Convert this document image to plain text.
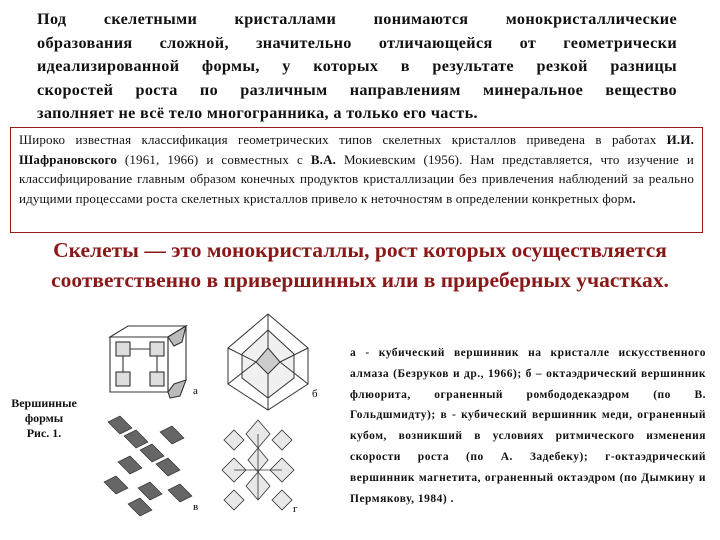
Под скелетными кристаллами понимаются монокристаллические
образования сложной, значительно отличающейся от геометрически
идеализированной формы, у которых в результате резкой разницы
скоростей роста по различным направлениям минеральное вещество
заполняет не всё тело многогранника, а только его часть.
Широко известная классификация геометрических типов скелетных кристаллов приведена в работах И.И. Шафрановского (1961, 1966) и совместных с В.А. Мокиевским (1956). Нам представляется, что изучение и классифицирование главным образом конечных продуктов кристаллизации без привлечения наблюдений за реально идущими процессами роста скелетных кристаллов привело к неточностям в определении конкретных форм.
Скелеты — это монокристаллы, рост которых осуществляется
соответственно в привершинных или в приреберных участках.
Вершинные
формы
Рис. 1.
а	б
в	г
а - кубический вершинник на кристалле искусственного алмаза (Безруков и др., 1966); б – октаэдрический вершинник флюорита, ограненный ромбододекаэдром (по В. Гольдшмидту); в - кубический вершинник меди, ограненный кубом, возникший в условиях ритмического изменения скорости роста (по А. Задебеку); г-октаэдрический вершинник магнетита, ограненный октаэдром (по Дымкину и Пермякову, 1984) .
